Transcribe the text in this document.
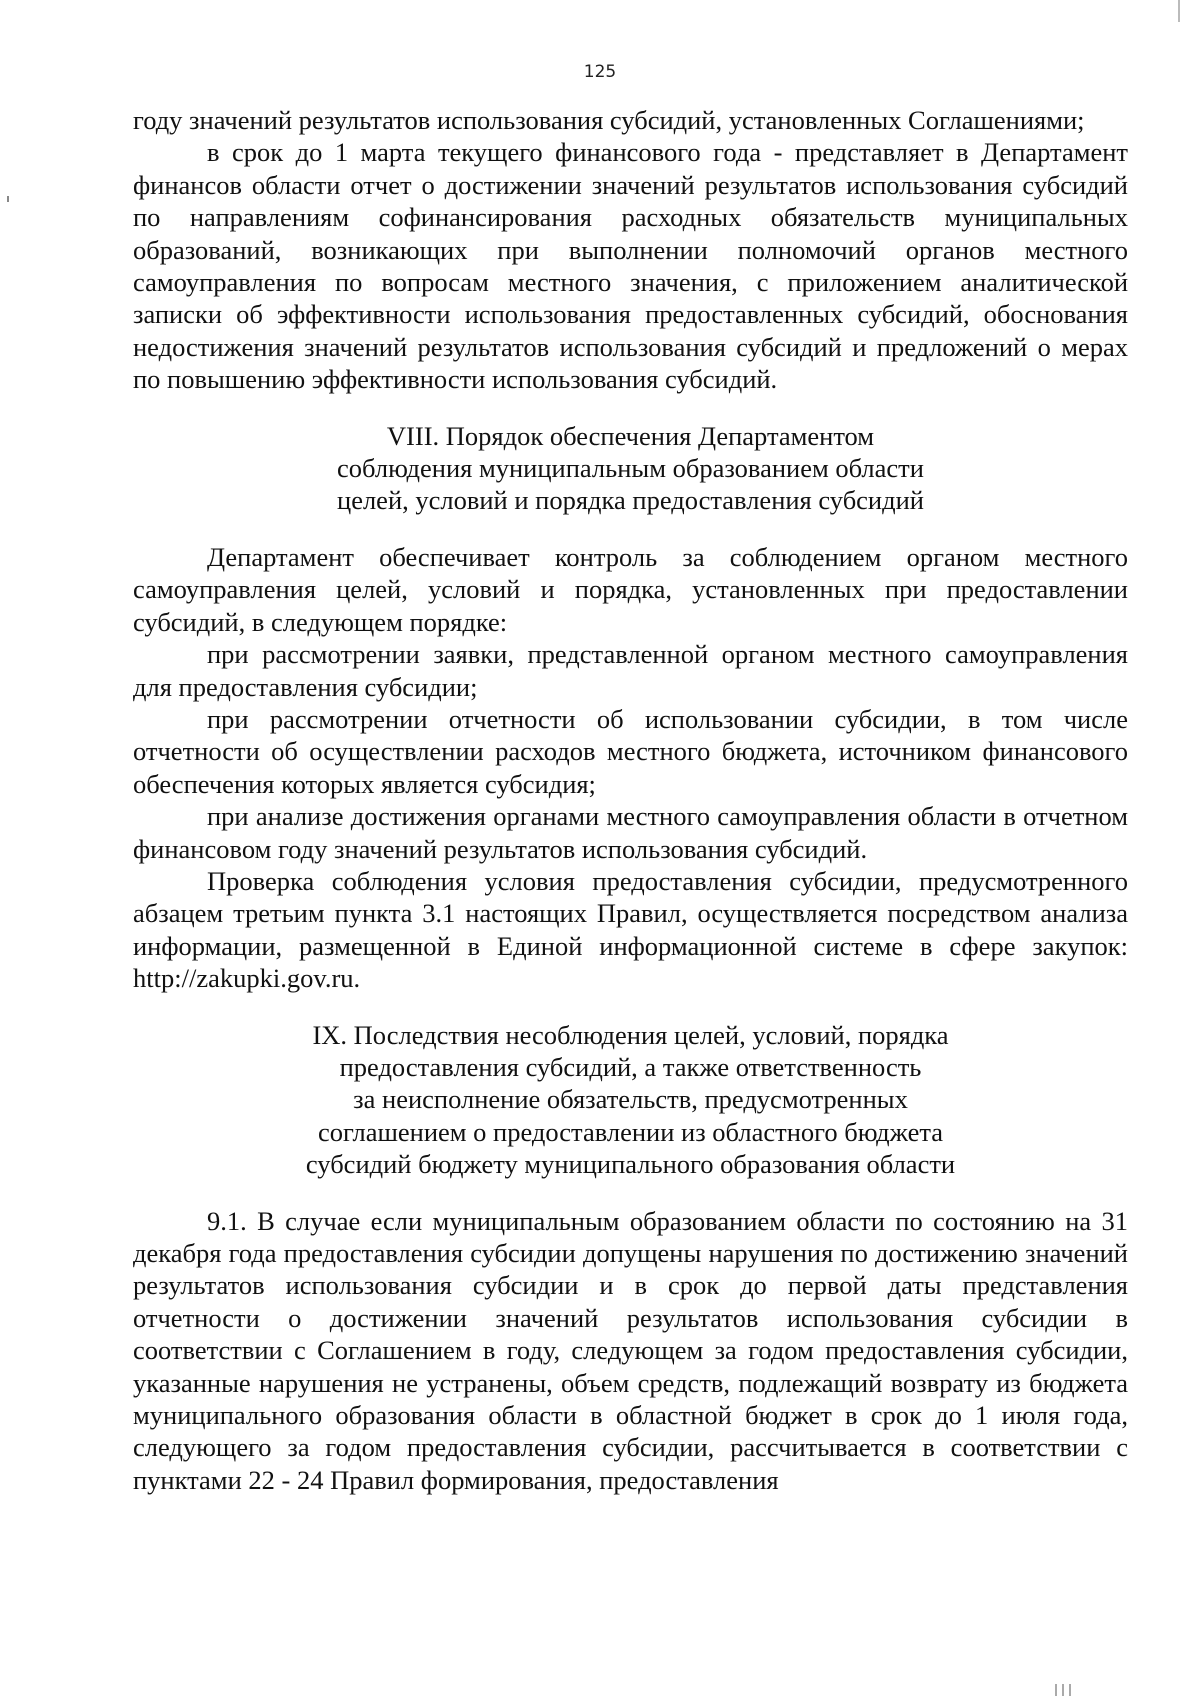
125

году значений результатов использования субсидий, установленных Соглашениями;

в срок до 1 марта текущего финансового года - представляет в Департамент финансов области отчет о достижении значений результатов использования субсидий по направлениям софинансирования расходных обязательств муниципальных образований, возникающих при выполнении полномочий органов местного самоуправления по вопросам местного значения, с приложением аналитической записки об эффективности использования предоставленных субсидий, обоснования недостижения значений результатов использования субсидий и предложений о мерах по повышению эффективности использования субсидий.

VIII. Порядок обеспечения Департаментом
соблюдения муниципальным образованием области
целей, условий и порядка предоставления субсидий

Департамент обеспечивает контроль за соблюдением органом местного самоуправления целей, условий и порядка, установленных при предоставлении субсидий, в следующем порядке:

при рассмотрении заявки, представленной органом местного самоуправления для предоставления субсидии;

при рассмотрении отчетности об использовании субсидии, в том числе отчетности об осуществлении расходов местного бюджета, источником финансового обеспечения которых является субсидия;

при анализе достижения органами местного самоуправления области в отчетном финансовом году значений результатов использования субсидий.

Проверка соблюдения условия предоставления субсидии, предусмотренного абзацем третьим пункта 3.1 настоящих Правил, осуществляется посредством анализа информации, размещенной в Единой информационной системе в сфере закупок: http://zakupki.gov.ru.

IX. Последствия несоблюдения целей, условий, порядка
предоставления субсидий, а также ответственность
за неисполнение обязательств, предусмотренных
соглашением о предоставлении из областного бюджета
субсидий бюджету муниципального образования области

9.1. В случае если муниципальным образованием области по состоянию на 31 декабря года предоставления субсидии допущены нарушения по достижению значений результатов использования субсидии и в срок до первой даты представления отчетности о достижении значений результатов использования субсидии в соответствии с Соглашением в году, следующем за годом предоставления субсидии, указанные нарушения не устранены, объем средств, подлежащий возврату из бюджета муниципального образования области в областной бюджет в срок до 1 июля года, следующего за годом предоставления субсидии, рассчитывается в соответствии с пунктами 22 - 24 Правил формирования, предоставления
